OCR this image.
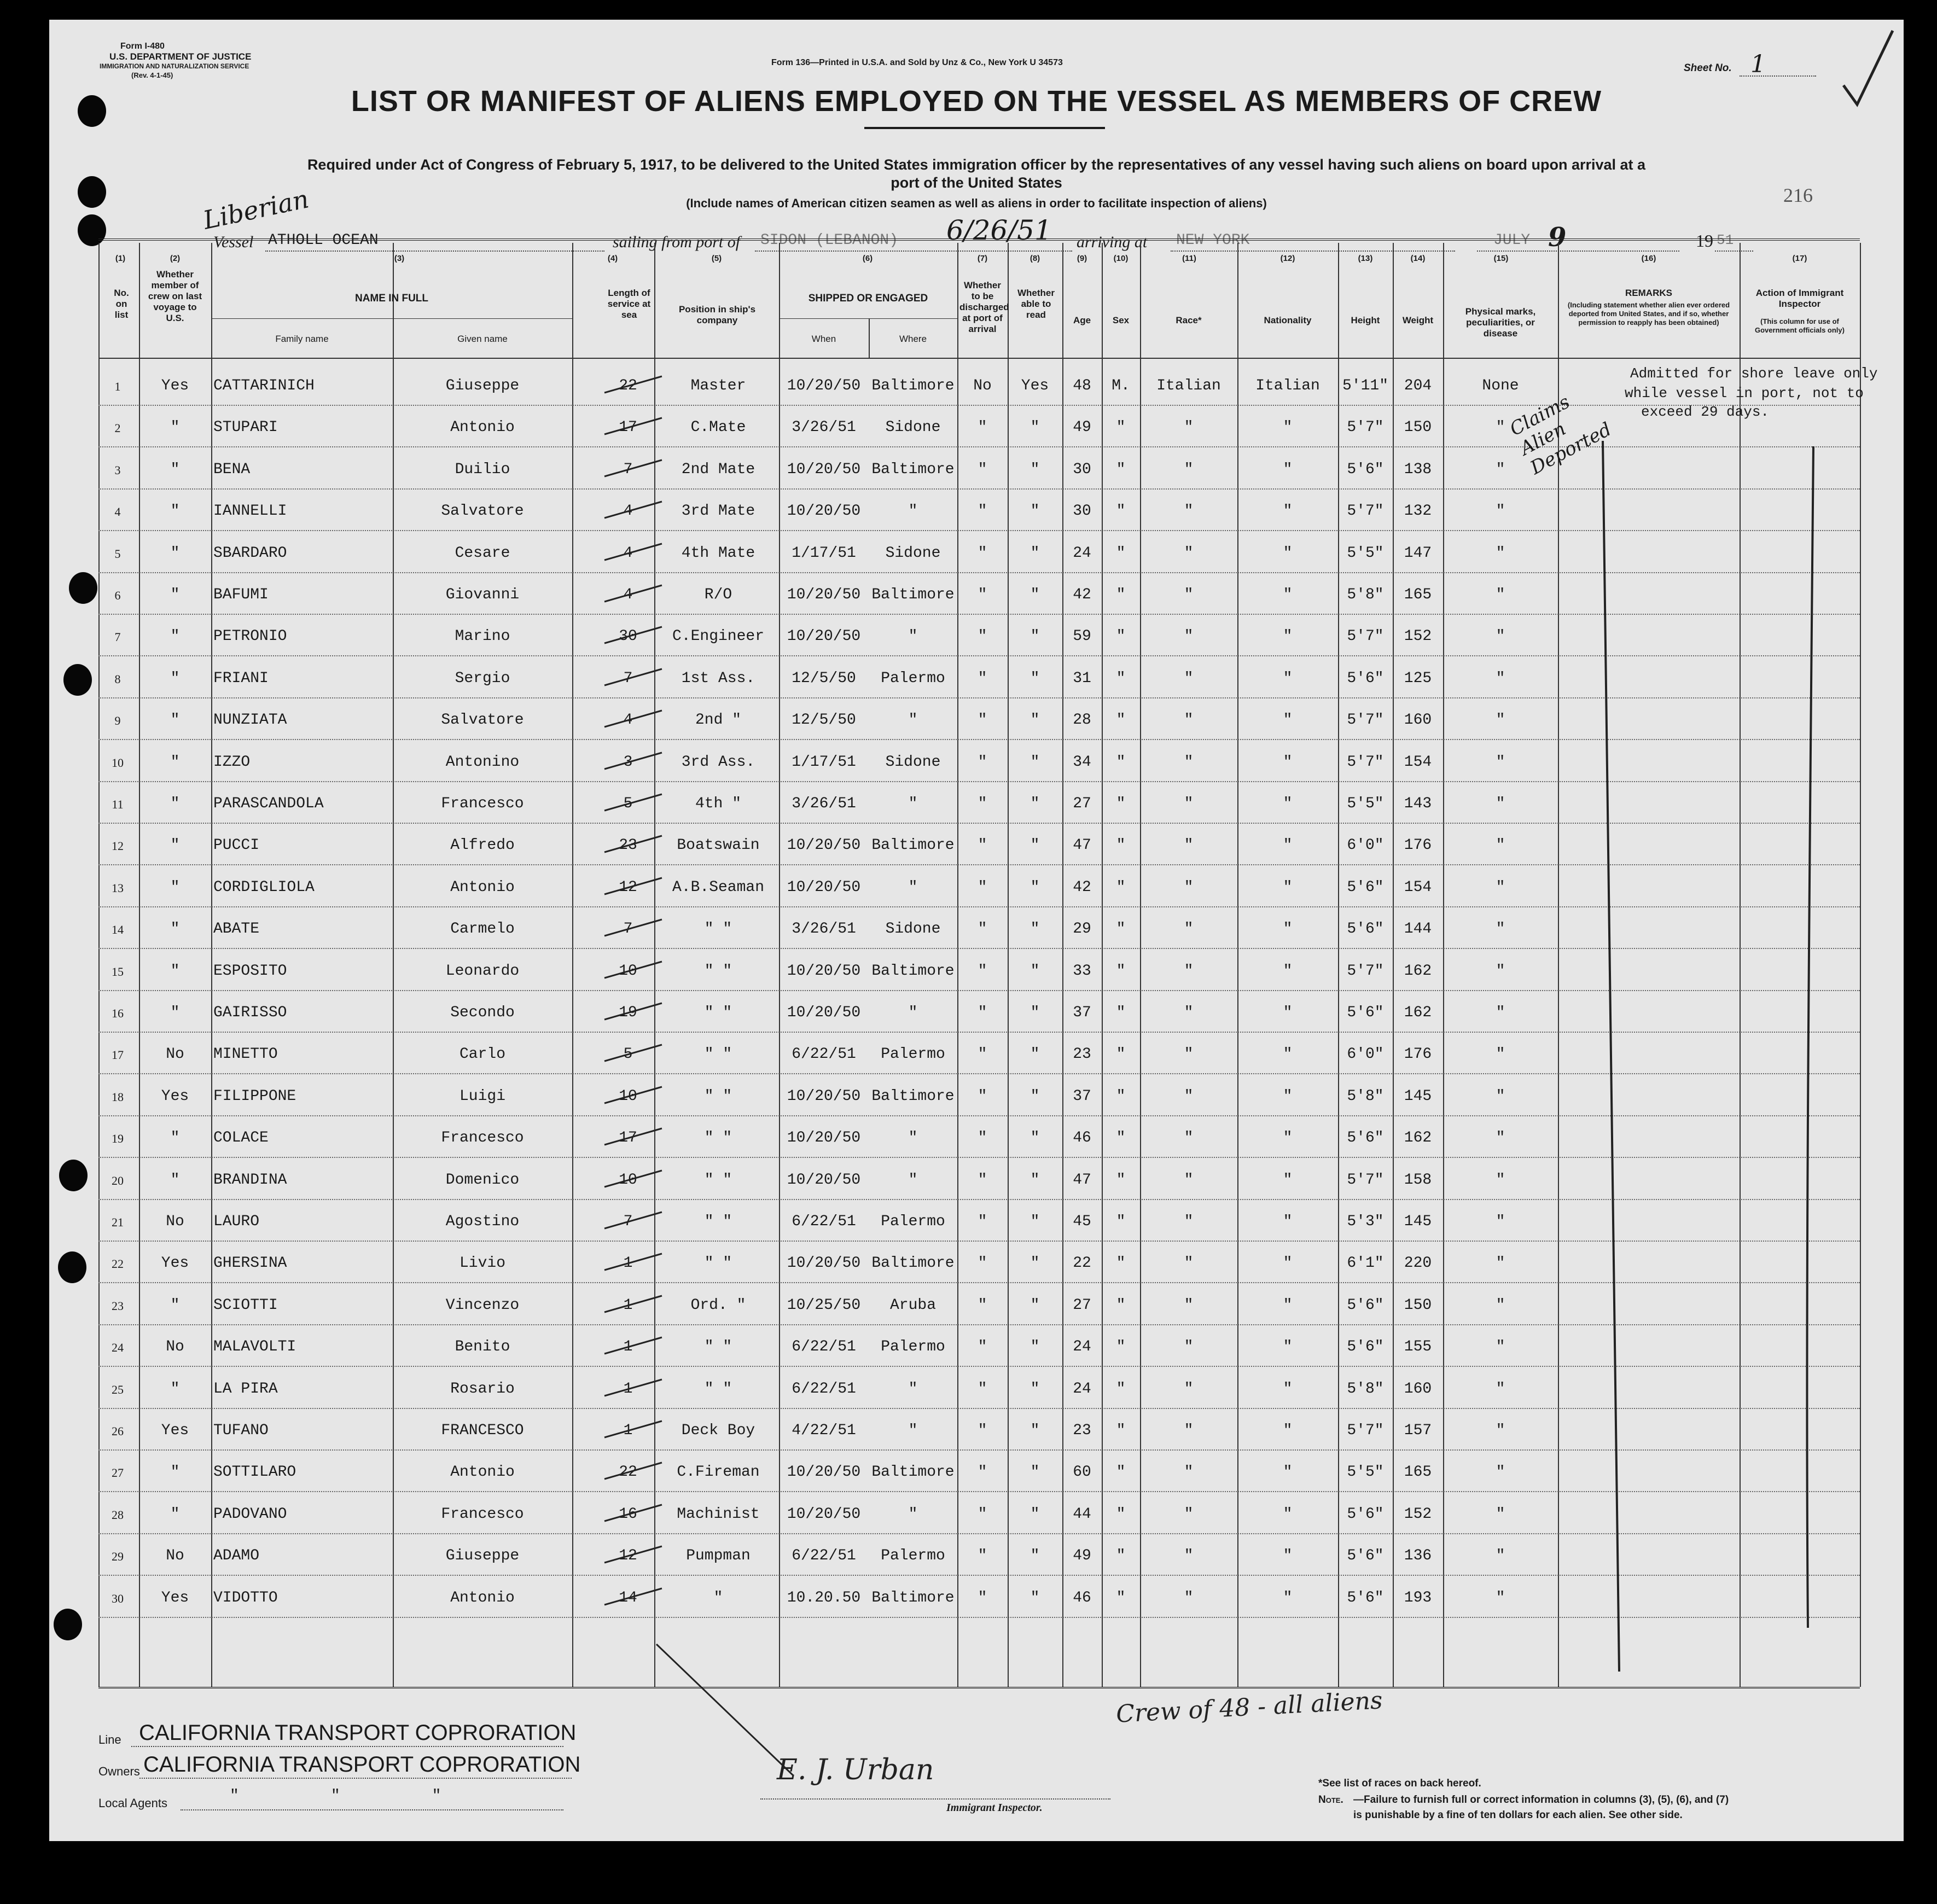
Form I-480
U.S. DEPARTMENT OF JUSTICE
IMMIGRATION AND NATURALIZATION SERVICE
(Rev. 4-1-45)
Form 136—Printed in U.S.A. and Sold by Unz & Co., New York U 34573	Sheet No. 1
LIST OR MANIFEST OF ALIENS EMPLOYED ON THE VESSEL AS MEMBERS OF CREW
Required under Act of Congress of February 5, 1917, to be delivered to the United States immigration officer by the representatives of any vessel having such aliens on board upon arrival at a
port of the United States
(Include names of American citizen seamen as well as aliens in order to facilitate inspection of aliens)	216
Liberian
Vessel ATHOLL OCEAN	sailing from port of SIDON (LEBANON) 6/26/51 arriving at NEW YORK	JULY 9	19 51
(1)
No. on list
(2)
Whether member of crew on last voyage to U.S.
(3)
NAME IN FULL
Family name	Given name
(4)
Length of service at sea
(5)
Position in ship's company
(6)
SHIPPED OR ENGAGED
When	Where
(7)
Whether to be discharged at port of arrival
(8)
Whether able to read
(9)
Age
(10)
Sex
(11)
Race*
(12)
Nationality
(13)
Height
(14)
Weight
(15)
Physical marks, peculiarities, or disease
(16)
REMARKS
(Including statement whether alien ever ordered deported from United States, and if so, whether permission to reapply has been obtained)
(17)
Action of Immigrant Inspector
(This column for use of Government officials only)
1	Yes	CATTARINICH	Giuseppe	22	Master	10/20/50 Baltimore	No	Yes	48	M.	Italian	Italian	5'11"	204	None
2	"	STUPARI	Antonio	17	C.Mate	3/26/51	Sidone	"	"	49	"	"	"	5'7"	150	"
3	"	BENA	Duilio	7	2nd Mate	10/20/50 Baltimore	"	"	30	"	"	"	5'6"	138	"
4	"	IANNELLI	Salvatore	4	3rd Mate	10/20/50	"	"	"	30	"	"	"	5'7"	132	"
5	"	SBARDARO	Cesare	4	4th Mate	1/17/51	Sidone	"	"	24	"	"	"	5'5"	147	"
6	"	BAFUMI	Giovanni	4	R/O	10/20/50 Baltimore	"	"	42	"	"	"	5'8"	165	"
7	"	PETRONIO	Marino	30	C.Engineer	10/20/50	"	"	"	59	"	"	"	5'7"	152	"
8	"	FRIANI	Sergio	7	1st Ass.	12/5/50	Palermo	"	"	31	"	"	"	5'6"	125	"
9	"	NUNZIATA	Salvatore	4	2nd "	12/5/50	"	"	"	28	"	"	"	5'7"	160	"
10	"	IZZO	Antonino	3	3rd Ass.	1/17/51	Sidone	"	"	34	"	"	"	5'7"	154	"
11	"	PARASCANDOLA	Francesco	5	4th "	3/26/51	"	"	"	27	"	"	"	5'5"	143	"
12	"	PUCCI	Alfredo	23	Boatswain	10/20/50 Baltimore	"	"	47	"	"	"	6'0"	176	"
13	"	CORDIGLIOLA	Antonio	12	A.B.Seaman	10/20/50	"	"	"	42	"	"	"	5'6"	154	"
14	"	ABATE	Carmelo	7	" "	3/26/51	Sidone	"	"	29	"	"	"	5'6"	144	"
15	"	ESPOSITO	Leonardo	10	" "	10/20/50 Baltimore	"	"	33	"	"	"	5'7"	162	"
16	"	GAIRISSO	Secondo	19	" "	10/20/50	"	"	"	37	"	"	"	5'6"	162	"
17	No	MINETTO	Carlo	5	" "	6/22/51	Palermo	"	"	23	"	"	"	6'0"	176	"
18	Yes	FILIPPONE	Luigi	10	" "	10/20/50 Baltimore	"	"	37	"	"	"	5'8"	145	"
19	"	COLACE	Francesco	17	" "	10/20/50	"	"	"	46	"	"	"	5'6"	162	"
20	"	BRANDINA	Domenico	10	" "	10/20/50	"	"	"	47	"	"	"	5'7"	158	"
21	No	LAURO	Agostino	7	" "	6/22/51	Palermo	"	"	45	"	"	"	5'3"	145	"
22	Yes	GHERSINA	Livio	1	" "	10/20/50 Baltimore	"	"	22	"	"	"	6'1"	220	"
23	"	SCIOTTI	Vincenzo	1	Ord. "	10/25/50	Aruba	"	"	27	"	"	"	5'6"	150	"
24	No	MALAVOLTI	Benito	1	" "	6/22/51	Palermo	"	"	24	"	"	"	5'6"	155	"
25	"	LA PIRA	Rosario	1	" "	6/22/51	"	"	"	24	"	"	"	5'8"	160	"
26	Yes	TUFANO	FRANCESCO	1	Deck Boy	4/22/51	"	"	"	23	"	"	"	5'7"	157	"
27	"	SOTTILARO	Antonio	22	C.Fireman	10/20/50 Baltimore	"	"	60	"	"	"	5'5"	165	"
28	"	PADOVANO	Francesco	16	Machinist	10/20/50	"	"	"	44	"	"	"	5'6"	152	"
29	No	ADAMO	Giuseppe	12	Pumpman	6/22/51	Palermo	"	"	49	"	"	"	5'6"	136	"
30	Yes	VIDOTTO	Antonio	14	"	10.20.50 Baltimore	"	"	46	"	"	"	5'6"	193	"
Admitted for shore leave only
while vessel in port, not to
exceed 29 days.
Claims Alien Deported
Line CALIFORNIA TRANSPORT COPRORATION
Owners CALIFORNIA TRANSPORT COPRORATION
Local Agents	"          "          "
E. J. Urban
Immigrant Inspector.
Crew of 48 - all aliens
*See list of races on back hereof.
Note. —Failure to furnish full or correct information in columns (3), (5), (6), and (7)
is punishable by a fine of ten dollars for each alien. See other side.
